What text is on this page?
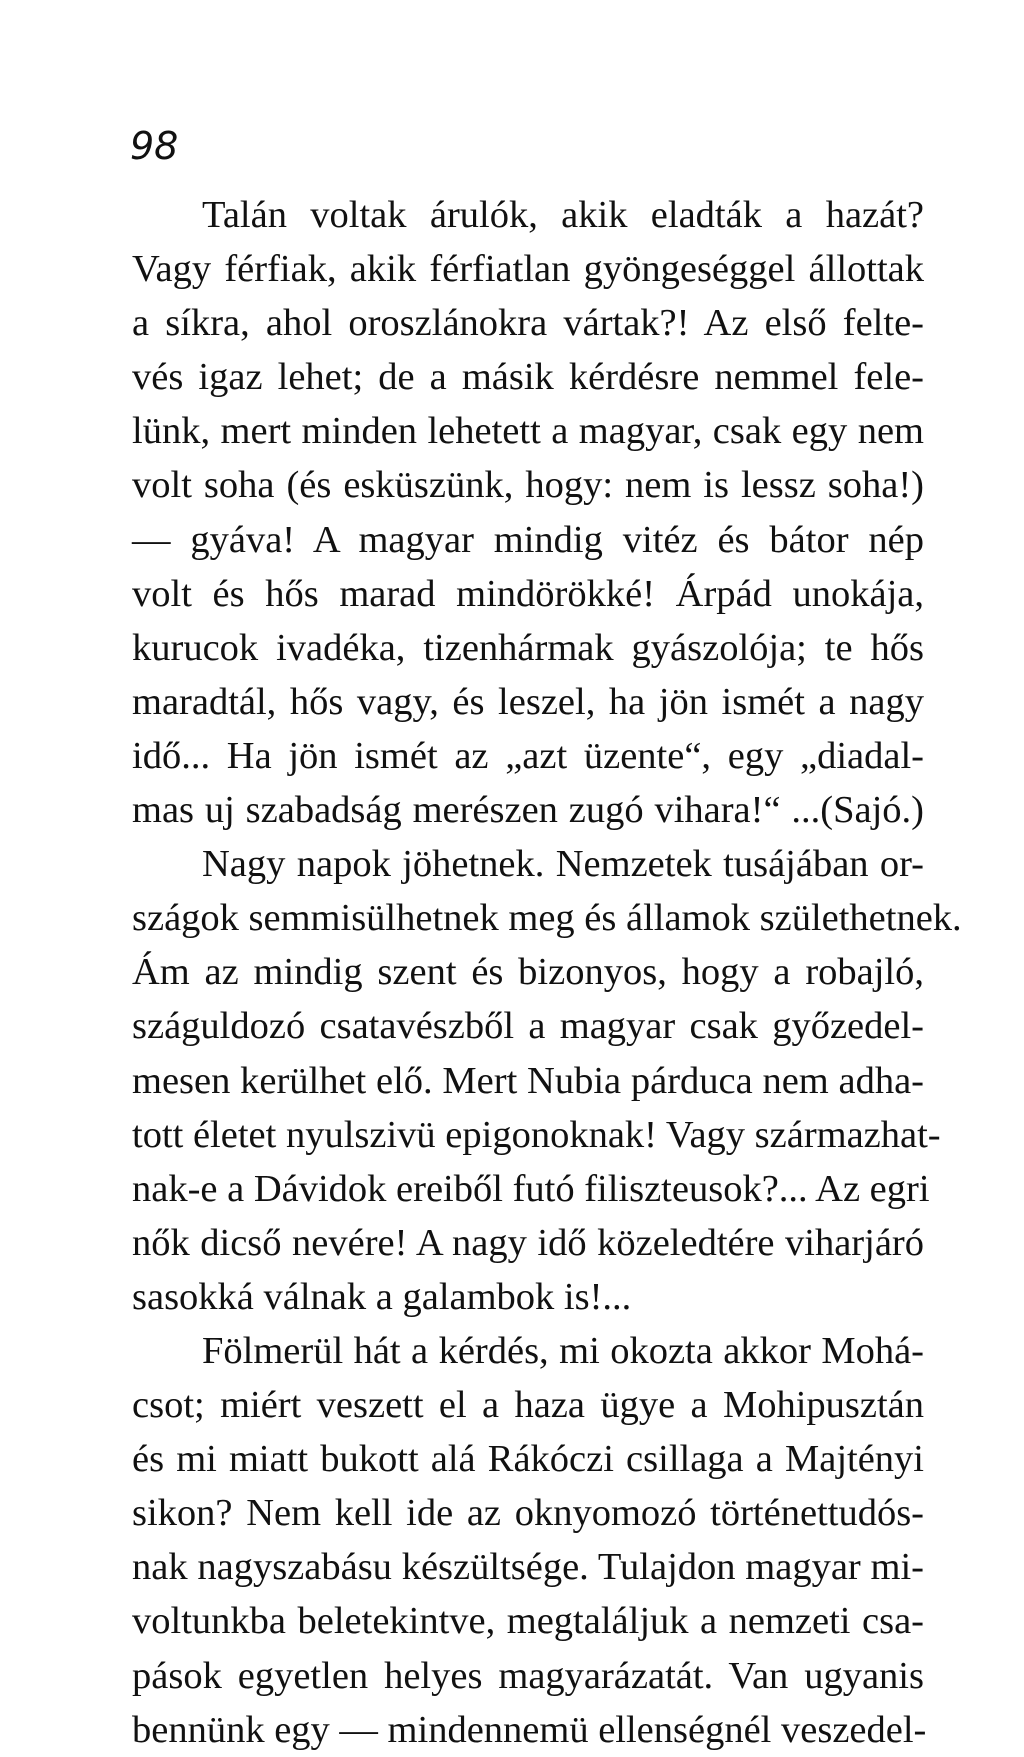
98
Talán voltak árulók, akik eladták a hazát?
Vagy férfiak, akik férfiatlan gyöngeséggel állottak
a síkra, ahol oroszlánokra vártak?! Az első felte-
vés igaz lehet; de a másik kérdésre nemmel fele-
lünk, mert minden lehetett a magyar, csak egy nem
volt soha (és esküszünk, hogy: nem is lessz soha!)
— gyáva! A magyar mindig vitéz és bátor nép
volt és hős marad mindörökké! Árpád unokája,
kurucok ivadéka, tizenhármak gyászolója; te hős
maradtál, hős vagy, és leszel, ha jön ismét a nagy
idő... Ha jön ismét az „azt üzente“, egy „diadal-
mas uj szabadság merészen zugó vihara!“ ...(Sajó.)
Nagy napok jöhetnek. Nemzetek tusájában or-
szágok semmisülhetnek meg és államok születhetnek.
Ám az mindig szent és bizonyos, hogy a robajló,
száguldozó csatavészből a magyar csak győzedel-
mesen kerülhet elő. Mert Nubia párduca nem adha-
tott életet nyulszivü epigonoknak! Vagy származhat-
nak-e a Dávidok ereiből futó filiszteusok?... Az egri
nők dicső nevére! A nagy idő közeledtére viharjáró
sasokká válnak a galambok is!...
Fölmerül hát a kérdés, mi okozta akkor Mohá-
csot; miért veszett el a haza ügye a Mohipusztán
és mi miatt bukott alá Rákóczi csillaga a Majtényi
sikon? Nem kell ide az oknyomozó történettudós-
nak nagyszabásu készültsége. Tulajdon magyar mi-
voltunkba beletekintve, megtaláljuk a nemzeti csa-
pások egyetlen helyes magyarázatát. Van ugyanis
bennünk egy — mindennemü ellenségnél veszedel-
